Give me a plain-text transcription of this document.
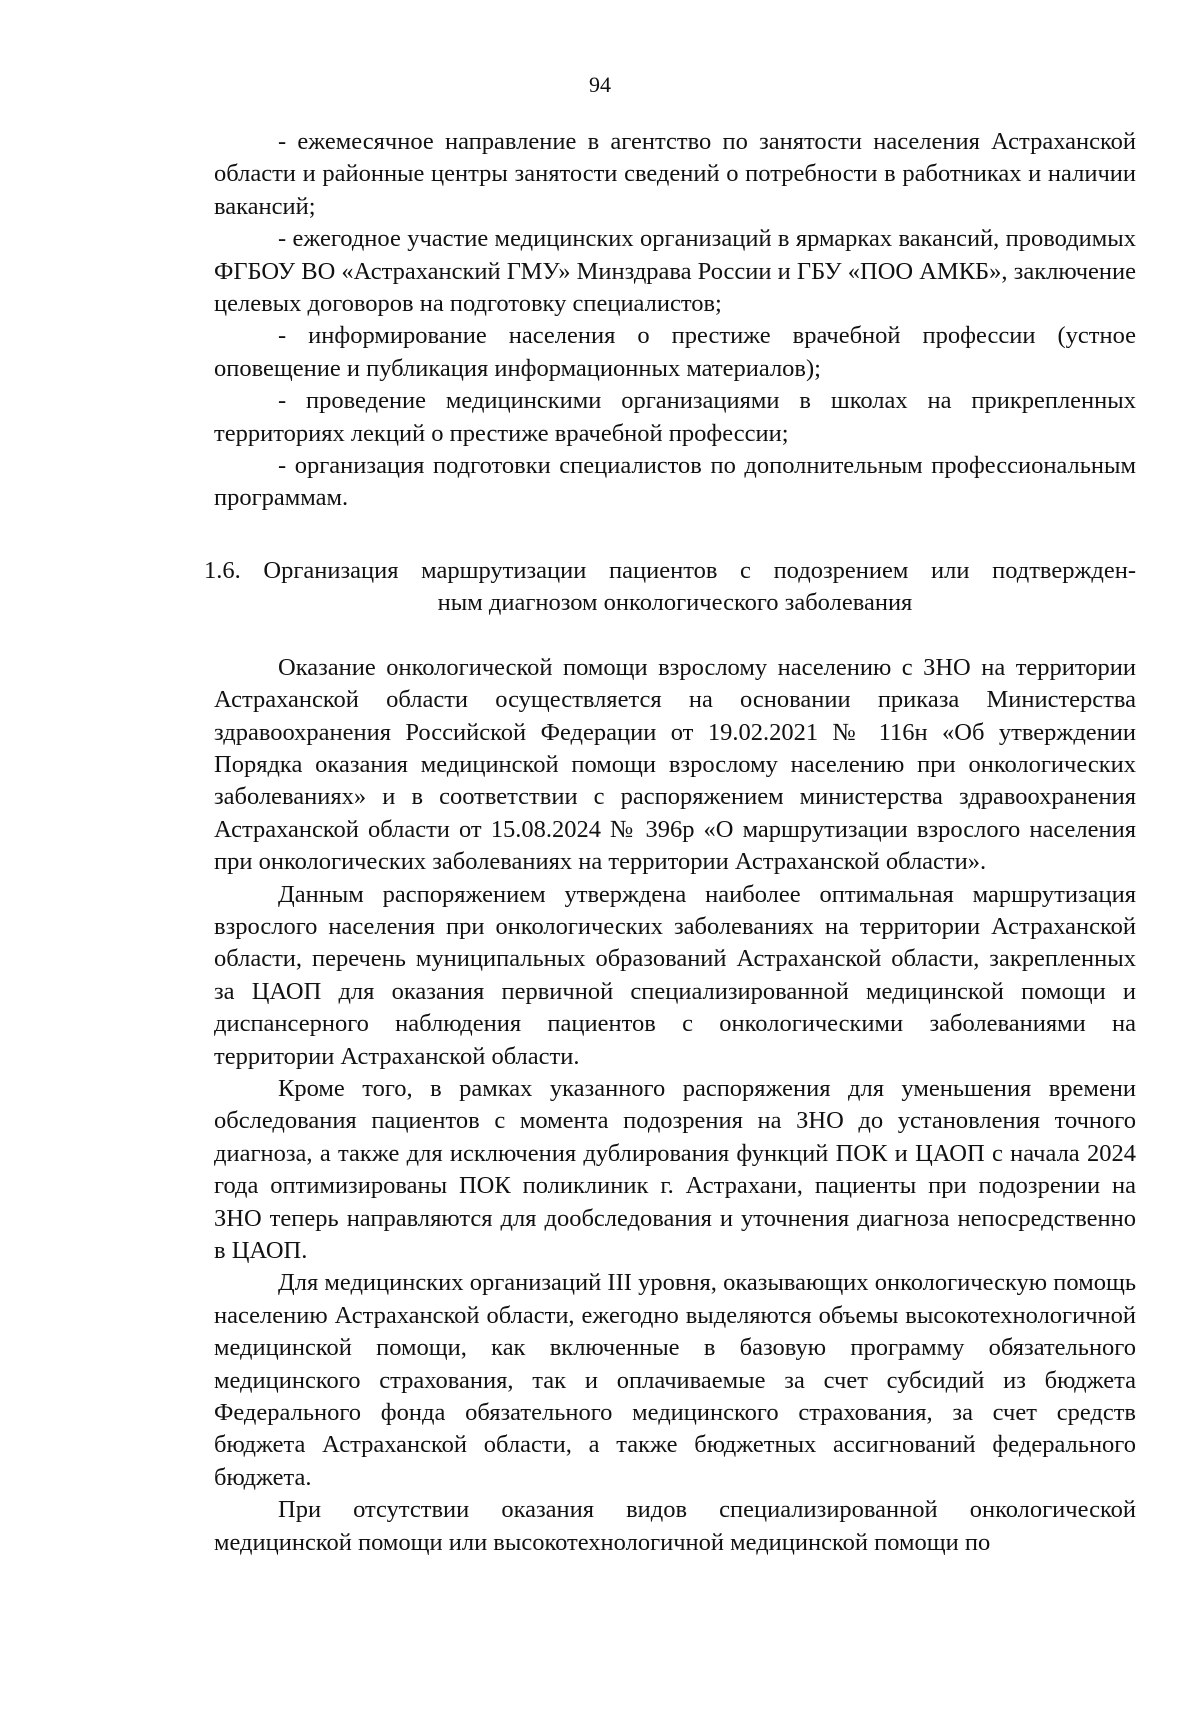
94

- ежемесячное направление в агентство по занятости населения Астраханской области и районные центры занятости сведений о потребности в работниках и наличии вакансий;

- ежегодное участие медицинских организаций в ярмарках вакансий, проводимых ФГБОУ ВО «Астраханский ГМУ» Минздрава России и ГБУ «ПОО АМКБ», заключение целевых договоров на подготовку специалистов;

- информирование населения о престиже врачебной профессии (устное оповещение и публикация информационных материалов);

- проведение медицинскими организациями в школах на прикрепленных территориях лекций о престиже врачебной профессии;

- организация подготовки специалистов по дополнительным профессиональным программам.

1.6. Организация маршрутизации пациентов с подозрением или подтвержден-
ным диагнозом онкологического заболевания

Оказание онкологической помощи взрослому населению с ЗНО на территории Астраханской области осуществляется на основании приказа Министерства здравоохранения Российской Федерации от 19.02.2021 № 116н «Об утверждении Порядка оказания медицинской помощи взрослому населению при онкологических заболеваниях» и в соответствии с распоряжением министерства здравоохранения Астраханской области от 15.08.2024 № 396р «О маршрутизации взрослого населения при онкологических заболеваниях на территории Астраханской области».

Данным распоряжением утверждена наиболее оптимальная маршрутизация взрослого населения при онкологических заболеваниях на территории Астраханской области, перечень муниципальных образований Астраханской области, закрепленных за ЦАОП для оказания первичной специализированной медицинской помощи и диспансерного наблюдения пациентов с онкологическими заболеваниями на территории Астраханской области.

Кроме того, в рамках указанного распоряжения для уменьшения времени обследования пациентов с момента подозрения на ЗНО до установления точного диагноза, а также для исключения дублирования функций ПОК и ЦАОП с начала 2024 года оптимизированы ПОК поликлиник г. Астрахани, пациенты при подозрении на ЗНО теперь направляются для дообследования и уточнения диагноза непосредственно в ЦАОП.

Для медицинских организаций III уровня, оказывающих онкологическую помощь населению Астраханской области, ежегодно выделяются объемы высокотехнологичной медицинской помощи, как включенные в базовую программу обязательного медицинского страхования, так и оплачиваемые за счет субсидий из бюджета Федерального фонда обязательного медицинского страхования, за счет средств бюджета Астраханской области, а также бюджетных ассигнований федерального бюджета.

При отсутствии оказания видов специализированной онкологической медицинской помощи или высокотехнологичной медицинской помощи по
